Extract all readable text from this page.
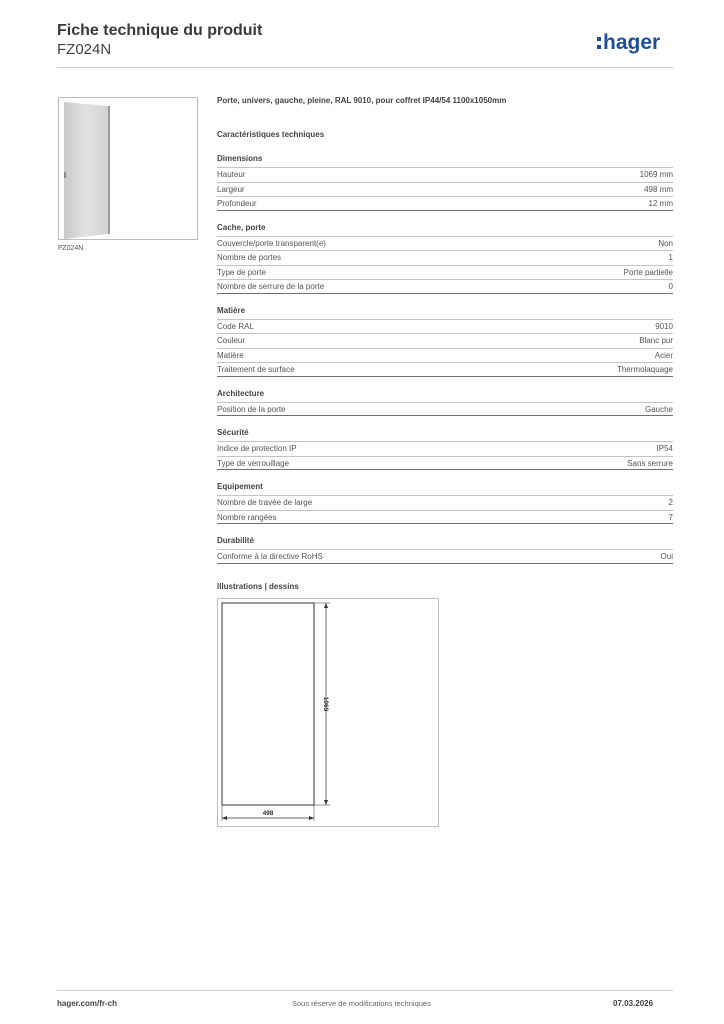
Fiche technique du produit
FZ024N	hager
FZ024N
Porte, univers, gauche, pleine, RAL 9010, pour coffret IP44/54 1100x1050mm
Caractéristiques techniques
Dimensions
Hauteur	1069 mm
Largeur	498 mm
Profondeur	12 mm
Cache, porte
Couvercle/porte transparent(e)	Non
Nombre de portes	1
Type de porte	Porte partielle
Nombre de serrure de la porte	0
Matière
Code RAL	9010
Couleur	Blanc pur
Matière	Acier
Traitement de surface	Thermolaquage
Architecture
Position de la porte	Gauche
Sécurité
Indice de protection IP	IP54
Type de verrouillage	Sans serrure
Equipement
Nombre de travée de large	2
Nombre rangées	7
Durabilité
Conforme à la directive RoHS	Oui
Illustrations | dessins
1069
498
hager.com/fr-ch	Sous réserve de modifications techniques	07.03.2026
